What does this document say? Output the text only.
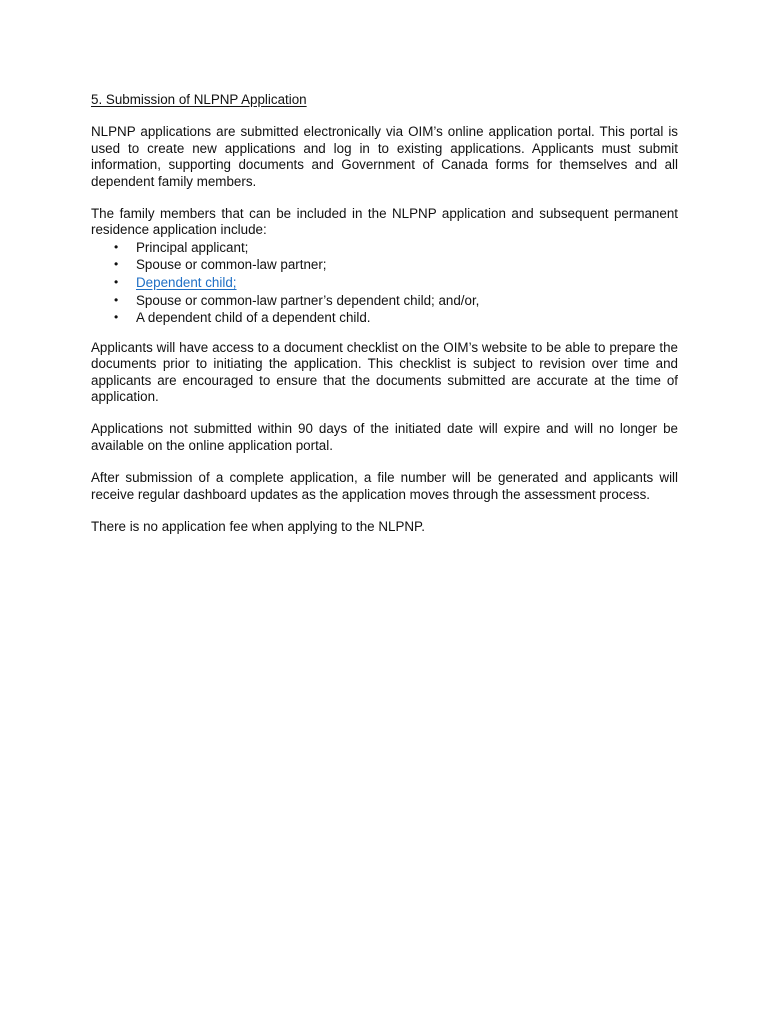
5. Submission of NLPNP Application

NLPNP applications are submitted electronically via OIM’s online application portal. This portal is used to create new applications and log in to existing applications. Applicants must submit information, supporting documents and Government of Canada forms for themselves and all dependent family members.

The family members that can be included in the NLPNP application and subsequent permanent residence application include:

• Principal applicant;
• Spouse or common-law partner;
• Dependent child;
• Spouse or common-law partner’s dependent child; and/or,
• A dependent child of a dependent child.

Applicants will have access to a document checklist on the OIM’s website to be able to prepare the documents prior to initiating the application. This checklist is subject to revision over time and applicants are encouraged to ensure that the documents submitted are accurate at the time of application.

Applications not submitted within 90 days of the initiated date will expire and will no longer be available on the online application portal.

After submission of a complete application, a file number will be generated and applicants will receive regular dashboard updates as the application moves through the assessment process.

There is no application fee when applying to the NLPNP.
